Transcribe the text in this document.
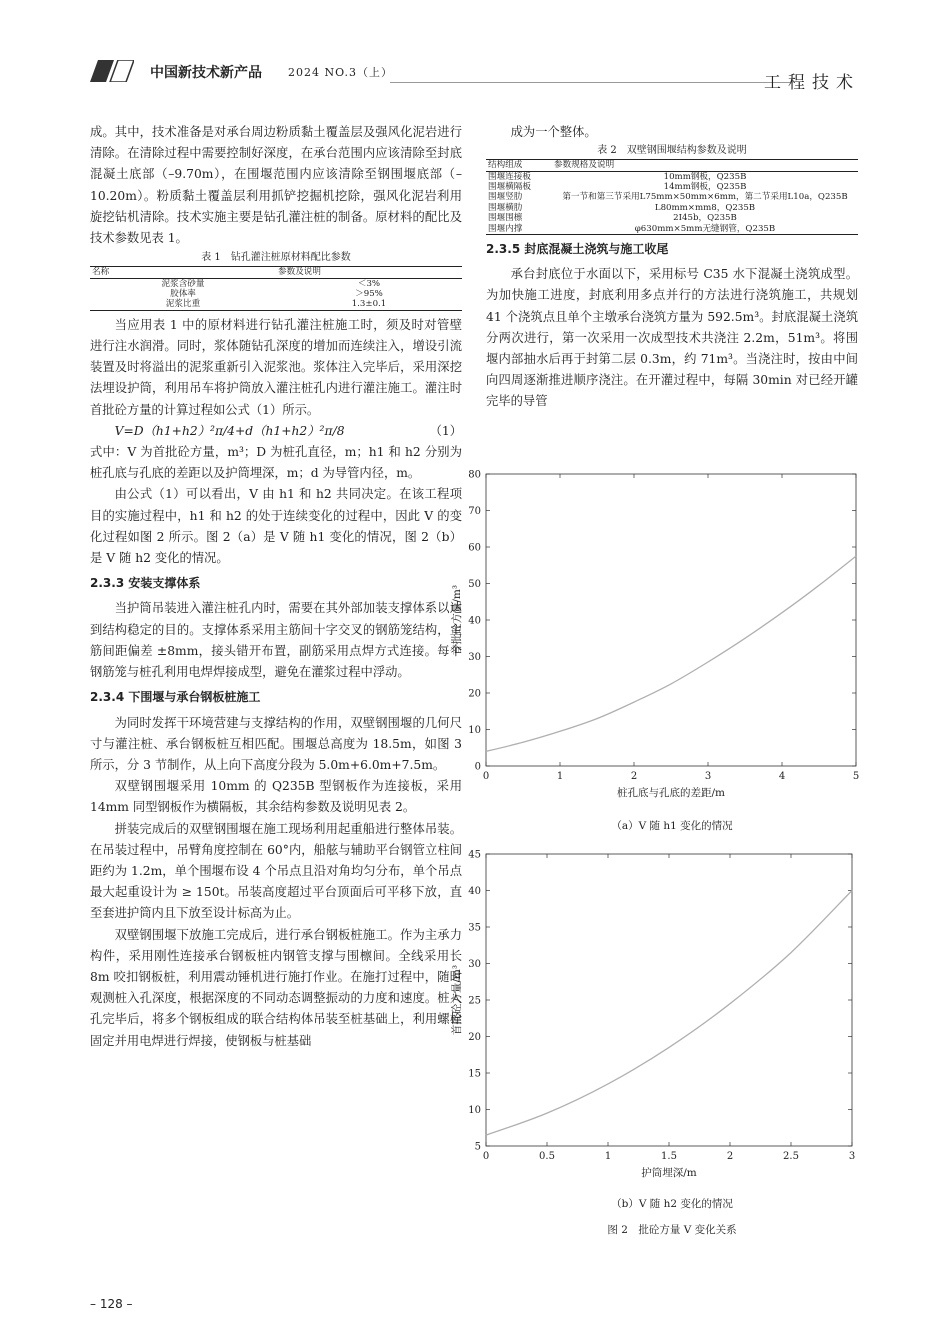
中国新技术新产品 2024 NO.3（上）
工程技术

成。其中，技术准备是对承台周边粉质黏土覆盖层及强风化泥岩进行清除。在清除过程中需要控制好深度，在承台范围内应该清除至封底混凝土底部（–9.70m），在围堰范围内应该清除至钢围堰底部（–10.20m）。粉质黏土覆盖层利用抓铲挖掘机挖除，强风化泥岩利用旋挖钻机清除。技术实施主要是钻孔灌注桩的制备。原材料的配比及技术参数见表 1。

表 1　钻孔灌注桩原材料配比参数
名称	参数及说明
泥浆含砂量	＜3%
胶体率	＞95%
泥浆比重	1.3±0.1

当应用表 1 中的原材料进行钻孔灌注桩施工时，须及时对管壁进行注水润滑。同时，浆体随钻孔深度的增加而连续注入，增设引流装置及时将溢出的泥浆重新引入泥浆池。浆体注入完毕后，采用深挖法埋设护筒，利用吊车将护筒放入灌注桩孔内进行灌注施工。灌注时首批砼方量的计算过程如公式（1）所示。

V=D（h1+h2）²π/4+d（h1+h2）²π/8	（1）

式中：V 为首批砼方量，m³；D 为桩孔直径，m；h1 和 h2 分别为桩孔底与孔底的差距以及护筒埋深，m；d 为导管内径，m。

由公式（1）可以看出，V 由 h1 和 h2 共同决定。在该工程项目的实施过程中，h1 和 h2 的处于连续变化的过程中，因此 V 的变化过程如图 2 所示。图 2（a）是 V 随 h1 变化的情况，图 2（b）是 V 随 h2 变化的情况。

2.3.3 安装支撑体系

当护筒吊装进入灌注桩孔内时，需要在其外部加装支撑体系以达到结构稳定的目的。支撑体系采用主筋间十字交叉的钢筋笼结构，主筋间距偏差 ±8mm，接头错开布置，副筋采用点焊方式连接。每个钢筋笼与桩孔利用电焊焊接成型，避免在灌浆过程中浮动。

2.3.4 下围堰与承台钢板桩施工

为同时发挥干环境营建与支撑结构的作用，双壁钢围堰的几何尺寸与灌注桩、承台钢板桩互相匹配。围堰总高度为 18.5m，如图 3 所示，分 3 节制作，从上向下高度分段为 5.0m+6.0m+7.5m。

双壁钢围堰采用 10mm 的 Q235B 型钢板作为连接板，采用 14mm 同型钢板作为横隔板，其余结构参数及说明见表 2。

拼装完成后的双壁钢围堰在施工现场利用起重船进行整体吊装。在吊装过程中，吊臂角度控制在 60°内，船舷与辅助平台钢管立柱间距约为 1.2m，单个围堰布设 4 个吊点且沿对角均匀分布，单个吊点最大起重设计为 ≥ 150t。吊装高度超过平台顶面后可平移下放，直至套进护筒内且下放至设计标高为止。

双壁钢围堰下放施工完成后，进行承台钢板桩施工。作为主承力构件，采用刚性连接承台钢板桩内钢管支撑与围檩间。全线采用长 8m 咬扣钢板桩，利用震动锤机进行施打作业。在施打过程中，随时观测桩入孔深度，根据深度的不同动态调整振动的力度和速度。桩入孔完毕后，将多个钢板组成的联合结构体吊装至桩基础上，利用螺栓固定并用电焊进行焊接，使钢板与桩基础

成为一个整体。

表 2　双壁钢围堰结构参数及说明
结构组成	参数规格及说明
围堰连接板	10mm钢板，Q235B
围堰横隔板	14mm钢板，Q235B
围堰竖肋	第一节和第三节采用L75mm×50mm×6mm，第二节采用L10a，Q235B
围堰横肋	L80mm×mm8，Q235B
围堰围檩	2I45b，Q235B
围堰内撑	φ630mm×5mm无缝钢管，Q235B
2.3.5 封底混凝土浇筑与施工收尾

承台封底位于水面以下，采用标号 C35 水下混凝土浇筑成型。为加快施工进度，封底利用多点并行的方法进行浇筑施工，共规划 41 个浇筑点且单个主墩承台浇筑方量为 592.5m³。封底混凝土浇筑分两次进行，第一次采用一次成型技术共浇注 2.2m，51m³。将围堰内部抽水后再于封第二层 0.3m，约 71m³。当浇注时，按由中间向四周逐渐推进顺序浇注。在开灌过程中，每隔 30min 对已经开罐完毕的导管

0	1	2	3	4	5
0
10
20
30
40
50
60
70
80
桩孔底与孔底的差距/m
首批砼方量/m³
（a）V 随 h1 变化的情况
0	0.5	1	1.5	2	2.5	3
5
10
15
20
25
30
35
40
45
护筒埋深/m
首批砼方量/m³
（b）V 随 h2 变化的情况
图 2　批砼方量 V 变化关系
– 128 –
